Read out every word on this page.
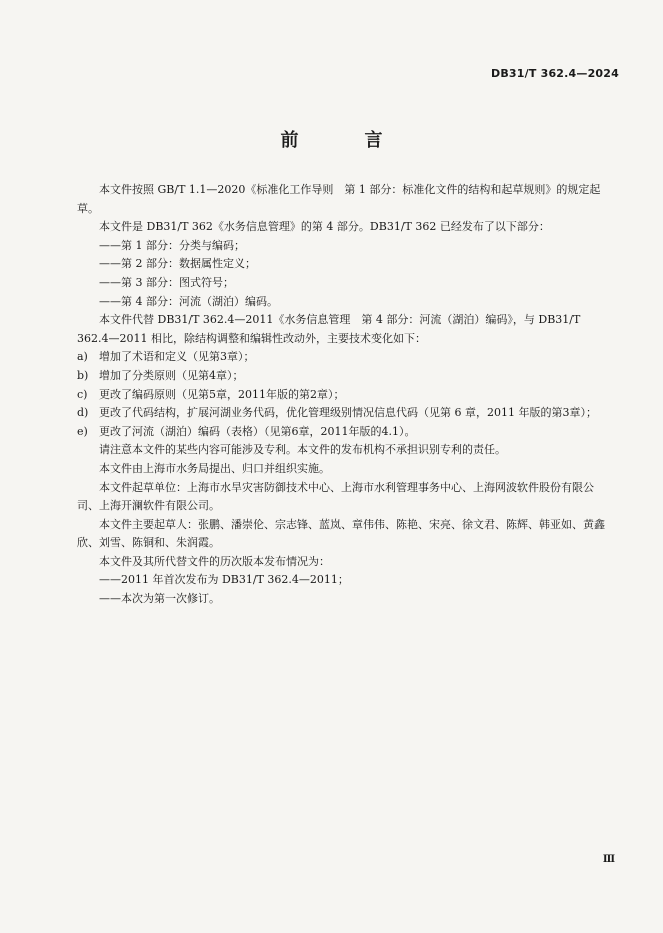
DB31/T 362.4—2024
前　言

本文件按照 GB/T 1.1—2020《标准化工作导则　第 1 部分：标准化文件的结构和起草规则》的规定起草。

本文件是 DB31/T 362《水务信息管理》的第 4 部分。DB31/T 362 已经发布了以下部分：

——第 1 部分：分类与编码；

——第 2 部分：数据属性定义；

——第 3 部分：图式符号；

——第 4 部分：河流（湖泊）编码。

本文件代替 DB31/T 362.4—2011《水务信息管理　第 4 部分：河流（湖泊）编码》，与 DB31/T 362.4—2011 相比，除结构调整和编辑性改动外，主要技术变化如下：

a)	增加了术语和定义（见第3章）；
b) 增加了分类原则（见第4章）；
c)	更改了编码原则（见第5章，2011年版的第2章）；
d) 更改了代码结构，扩展河湖业务代码，优化管理级别情况信息代码（见第 6 章，2011 年版的第3章）；
e)	更改了河流（湖泊）编码（表格）（见第6章，2011年版的4.1）。

请注意本文件的某些内容可能涉及专利。本文件的发布机构不承担识别专利的责任。

本文件由上海市水务局提出、归口并组织实施。

本文件起草单位：上海市水旱灾害防御技术中心、上海市水利管理事务中心、上海网波软件股份有限公司、上海开澜软件有限公司。

本文件主要起草人：张鹏、潘崇伦、宗志锋、蓝岚、章伟伟、陈艳、宋亮、徐文君、陈辉、韩亚如、黄鑫欣、刘雪、陈铜和、朱润霞。

本文件及其所代替文件的历次版本发布情况为：

——2011 年首次发布为 DB31/T 362.4—2011；

——本次为第一次修订。

Ⅲ
